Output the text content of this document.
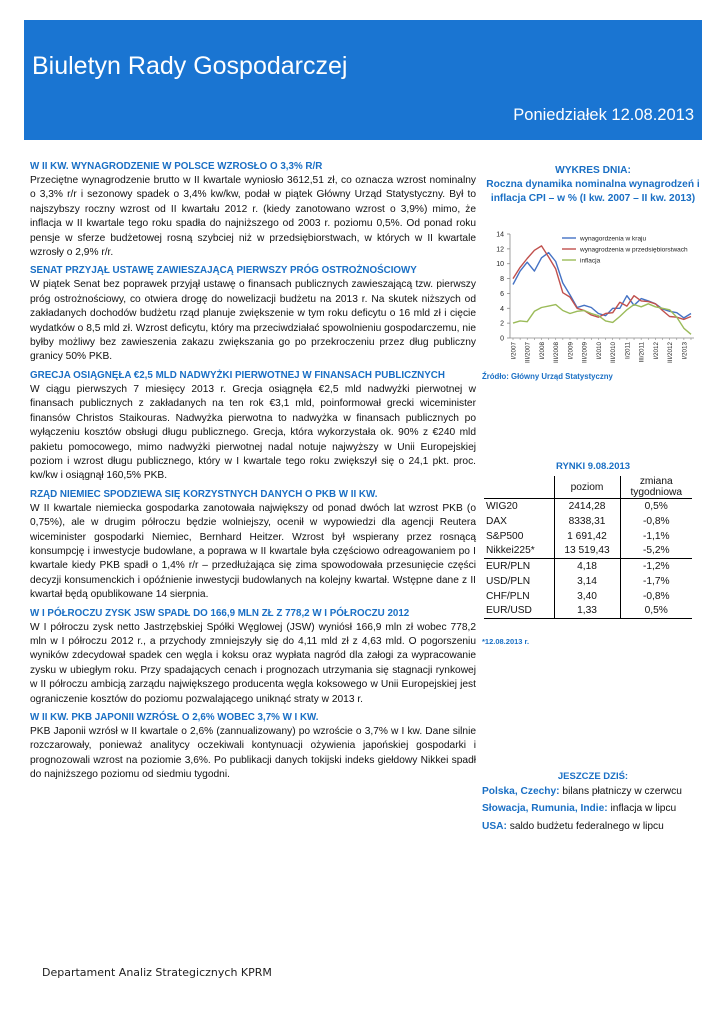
Biuletyn Rady Gospodarczej
Poniedziałek 12.08.2013
W II KW. WYNAGRODZENIE W POLSCE WZROSŁO O 3,3% R/R
Przeciętne wynagrodzenie brutto w II kwartale wyniosło 3612,51 zł, co oznacza wzrost nominalny o 3,3% r/r i sezonowy spadek o 3,4% kw/kw, podał w piątek Główny Urząd Statystyczny. Był to najszybszy roczny wzrost od II kwartału 2012 r. (kiedy zanotowano wzrost o 3,9%) mimo, że inflacja w II kwartale tego roku spadła do najniższego od 2003 r. poziomu 0,5%. Od ponad roku pensje w sferze budżetowej rosną szybciej niż w przedsiębiorstwach, w których w II kwartale wzrosły o 2,9% r/r.
SENAT PRZYJĄŁ USTAWĘ ZAWIESZAJĄCĄ PIERWSZY PRÓG OSTROŻNOŚCIOWY
W piątek Senat bez poprawek przyjął ustawę o finansach publicznych zawieszającą tzw. pierwszy próg ostrożnościowy, co otwiera drogę do nowelizacji budżetu na 2013 r. Na skutek niższych od zakładanych dochodów budżetu rząd planuje zwiększenie w tym roku deficytu o 16 mld zł i cięcie wydatków o 8,5 mld zł. Wzrost deficytu, który ma przeciwdziałać spowolnieniu gospodarczemu, nie byłby możliwy bez zawieszenia zakazu zwiększania go po przekroczeniu przez dług publiczny granicy 50% PKB.
GRECJA OSIĄGNĘŁA €2,5 MLD NADWYŻKI PIERWOTNEJ W FINANSACH PUBLICZNYCH
W ciągu pierwszych 7 miesięcy 2013 r. Grecja osiągnęła €2,5 mld nadwyżki pierwotnej w finansach publicznych z zakładanych na ten rok €3,1 mld, poinformował grecki wiceminister finansów Christos Staikouras. Nadwyżka pierwotna to nadwyżka w finansach publicznych po wyłączeniu kosztów obsługi długu publicznego. Grecja, która wykorzystała ok. 90% z €240 mld pakietu pomocowego, mimo nadwyżki pierwotnej nadal notuje najwyższy w Unii Europejskiej poziom i wzrost długu publicznego, który w I kwartale tego roku zwiększył się o 24,1 pkt. proc. kw/kw i osiągnął 160,5% PKB.
RZĄD NIEMIEC SPODZIEWA SIĘ KORZYSTNYCH DANYCH O PKB W II KW.
W II kwartale niemiecka gospodarka zanotowała największy od ponad dwóch lat wzrost PKB (o 0,75%), ale w drugim półroczu będzie wolniejszy, ocenił w wypowiedzi dla agencji Reutera wiceminister gospodarki Niemiec, Bernhard Heitzer. Wzrost był wspierany przez rosnącą konsumpcję i inwestycje budowlane, a poprawa w II kwartale była częściowo odreagowaniem po I kwartale kiedy PKB spadł o 1,4% r/r – przedłużająca się zima spowodowała przesunięcie części decyzji konsumenckich i opóźnienie inwestycji budowlanych na kolejny kwartał. Wstępne dane z II kwartał będą opublikowane 14 sierpnia.
W I PÓŁROCZU ZYSK JSW SPADŁ DO 166,9 MLN ZŁ Z 778,2 W I PÓŁROCZU 2012
W I półroczu zysk netto Jastrzębskiej Spółki Węglowej (JSW) wyniósł 166,9 mln zł wobec 778,2 mln w I półroczu 2012 r., a przychody zmniejszyły się do 4,11 mld zł z 4,63 mld. O pogorszeniu wyników zdecydował spadek cen węgla i koksu oraz wypłata nagród dla załogi za wypracowanie zysku w ubiegłym roku. Przy spadających cenach i prognozach utrzymania się stagnacji rynkowej w II półroczu ambicją zarządu największego producenta węgla koksowego w Unii Europejskiej jest ograniczenie kosztów do poziomu pozwalającego uniknąć straty w 2013 r.
W II KW. PKB JAPONII WZRÓSŁ O 2,6% WOBEC 3,7% W I KW.
PKB Japonii wzrósł w II kwartale o 2,6% (zannualizowany) po wzroście o 3,7% w I kw. Dane silnie rozczarowały, ponieważ analitycy oczekiwali kontynuacji ożywienia japońskiej gospodarki i prognozowali wzrost na poziomie 3,6%. Po publikacji danych tokijski indeks giełdowy Nikkei spadł do najniższego poziomu od siedmiu tygodni.
WYKRES DNIA:
Roczna dynamika nominalna wynagrodzeń i inflacja CPI – w % (I kw. 2007 – II kw. 2013)
0
2
4
6
8
10
12
14
I/2007 III/2007 I/2008 III/2008 I/2009 III/2009 I/2010 III/2010 I/2011 III/2011 I/2012 III/2012 I/2013
wynagordzenia w kraju
wynagrodzenia w przedsiębiorstwach
inflacja
Źródło: Główny Urząd Statystyczny
RYNKI 9.08.2013
	poziom	zmiana tygodniowa
WIG20	2414,28	0,5%
DAX	8338,31	-0,8%
S&P500	1 691,42	-1,1%
Nikkei225*	13 519,43	-5,2%
EUR/PLN	4,18	-1,2%
USD/PLN	3,14	-1,7%
CHF/PLN	3,40	-0,8%
EUR/USD	1,33	0,5%
*12.08.2013 r.
JESZCZE DZIŚ:

Polska, Czechy: bilans płatniczy w czerwcu

Słowacja, Rumunia, Indie: inflacja w lipcu

USA: saldo budżetu federalnego w lipcu

Departament Analiz Strategicznych KPRM
